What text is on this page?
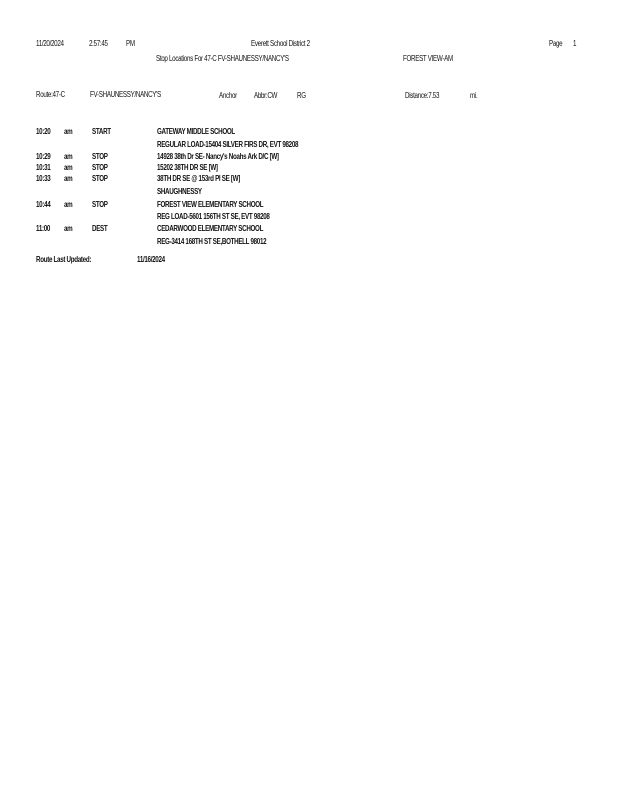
11/20/2024	2:57:45 PM	Everett School District 2	Page 1
Stop Locations For 47-C FV-SHAUNESSY/NANCY'S	FOREST VIEW-AM
Route:47-C	FV-SHAUNESSY/NANCY'S	Anchor Abbr:CW RG	Distance:7.53	mi.
10:20 am START	GATEWAY MIDDLE SCHOOL
REGULAR LOAD-15404 SILVER FIRS DR, EVT 98208
10:29 am STOP	14928 38th Dr SE- Nancy's Noahs Ark D/C [W]
10:31 am STOP	15202 38TH DR SE [W]
10:33 am STOP	38TH DR SE @ 153rd PI SE [W]
SHAUGHNESSY
10:44 am STOP	FOREST VIEW ELEMENTARY SCHOOL
REG LOAD-5601 156TH ST SE, EVT 98208
11:00 am DEST	CEDARWOOD ELEMENTARY SCHOOL
REG-3414 168TH ST SE,BOTHELL 98012
Route Last Updated:	11/16/2024
